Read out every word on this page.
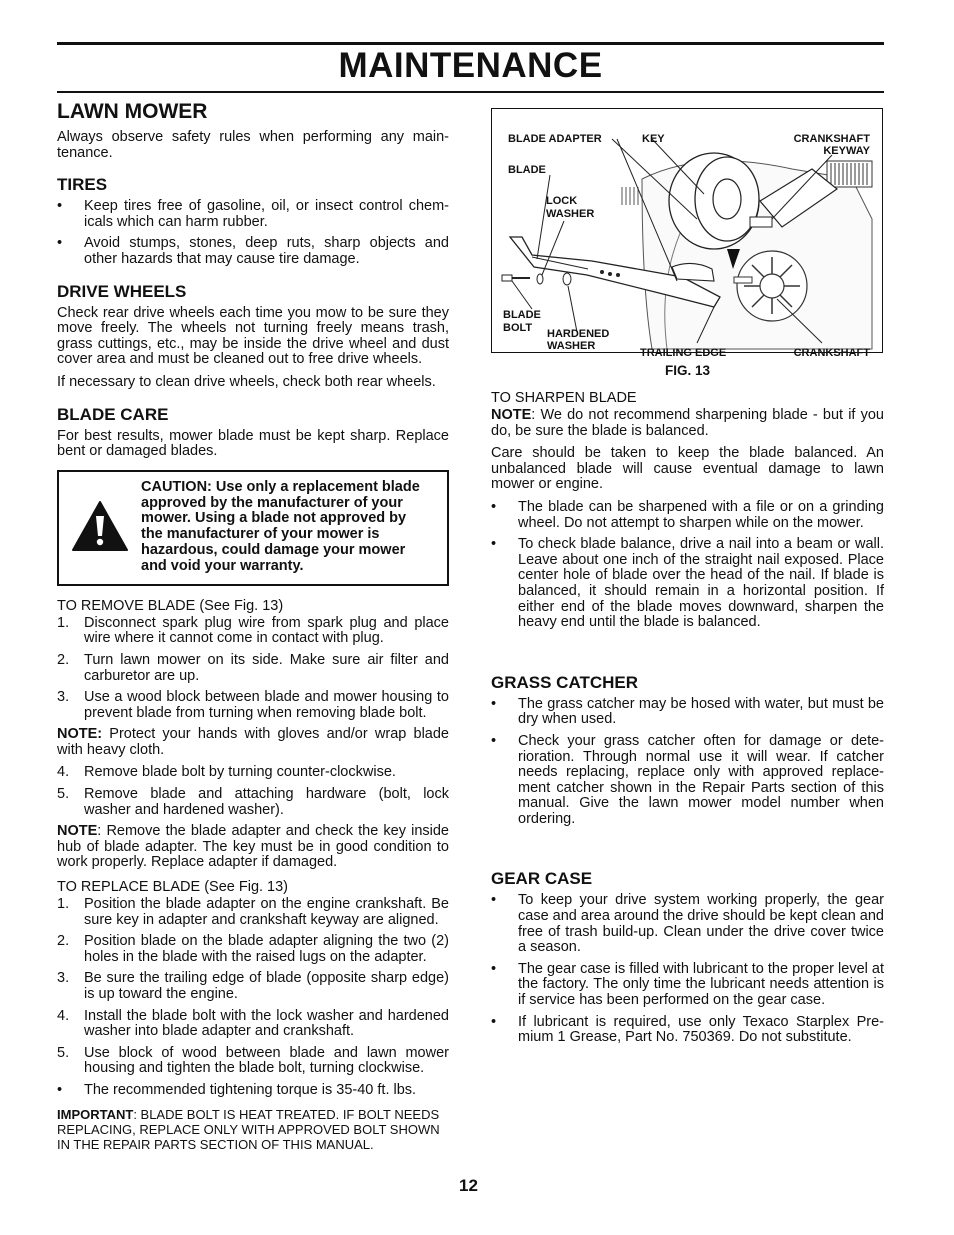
MAINTENANCE
LAWN MOWER

Always observe safety rules when performing any main-tenance.

TIRES
•	Keep tires free of gasoline, oil, or insect control chem-icals which can harm rubber.
•	Avoid stumps, stones, deep ruts, sharp objects and other hazards that may cause tire damage.
DRIVE WHEELS

Check rear drive wheels each time you mow to be sure they move freely. The wheels not turning freely means trash, grass cuttings, etc., may be inside the drive wheel and dust cover area and must be cleaned out to free drive wheels.

If necessary to clean drive wheels, check both rear wheels.

BLADE CARE

For best results, mower blade must be kept sharp. Replace bent or damaged blades.

CAUTION: Use only a replacement blade approved by the manufacturer of your mower. Using a blade not approved by the manufacturer of your mower is hazardous, could damage your mower and void your warranty.
TO REMOVE BLADE (See Fig. 13)
1.	Disconnect spark plug wire from spark plug and place wire where it cannot come in contact with plug.
2.	Turn lawn mower on its side. Make sure air filter and carburetor are up.
3.	Use a wood block between blade and mower housing to prevent blade from turning when removing blade bolt.

NOTE: Protect your hands with gloves and/or wrap blade with heavy cloth.

4.	Remove blade bolt by turning counter-clockwise.
5.	Remove blade and attaching hardware (bolt, lock washer and hardened washer).

NOTE: Remove the blade adapter and check the key inside hub of blade adapter. The key must be in good condition to work properly. Replace adapter if damaged.

TO REPLACE BLADE (See Fig. 13)
1.	Position the blade adapter on the engine crankshaft. Be sure key in adapter and crankshaft keyway are aligned.
2.	Position blade on the blade adapter aligning the two (2) holes in the blade with the raised lugs on the adapter.
3.	Be sure the trailing edge of blade (opposite sharp edge) is up toward the engine.
4.	Install the blade bolt with the lock washer and hardened washer into blade adapter and crankshaft.
5.	Use block of wood between blade and lawn mower housing and tighten the blade bolt, turning clockwise.
•	The recommended tightening torque is 35-40 ft. lbs.
IMPORTANT: BLADE BOLT IS HEAT TREATED. IF BOLT NEEDS REPLACING, REPLACE ONLY WITH APPROVED BOLT SHOWN IN THE REPAIR PARTS SECTION OF THIS MANUAL.
12
BLADE ADAPTER	KEY	CRANKSHAFT
KEYWAY
BLADE
LOCK
WASHER
BLADE
BOLT HARDENED
WASHER
TRAILING EDGE	CRANKSHAFT
FIG. 13
TO SHARPEN BLADE

NOTE: We do not recommend sharpening blade - but if you do, be sure the blade is balanced.

Care should be taken to keep the blade balanced. An unbalanced blade will cause eventual damage to lawn mower or engine.

•	The blade can be sharpened with a file or on a grinding wheel. Do not attempt to sharpen while on the mower.
•	To check blade balance, drive a nail into a beam or wall. Leave about one inch of the straight nail exposed. Place center hole of blade over the head of the nail. If blade is balanced, it should remain in a horizontal position. If either end of the blade moves downward, sharpen the heavy end until the blade is balanced.
GRASS CATCHER
•	The grass catcher may be hosed with water, but must be dry when used.
•	Check your grass catcher often for damage or dete-rioration. Through normal use it will wear. If catcher needs replacing, replace only with approved replace-ment catcher shown in the Repair Parts section of this manual. Give the lawn mower model number when ordering.
GEAR CASE
•	To keep your drive system working properly, the gear case and area around the drive should be kept clean and free of trash build-up. Clean under the drive cover twice a season.
•	The gear case is filled with lubricant to the proper level at the factory. The only time the lubricant needs attention is if service has been performed on the gear case.
•	If lubricant is required, use only Texaco Starplex Pre-mium 1 Grease, Part No. 750369. Do not substitute.
